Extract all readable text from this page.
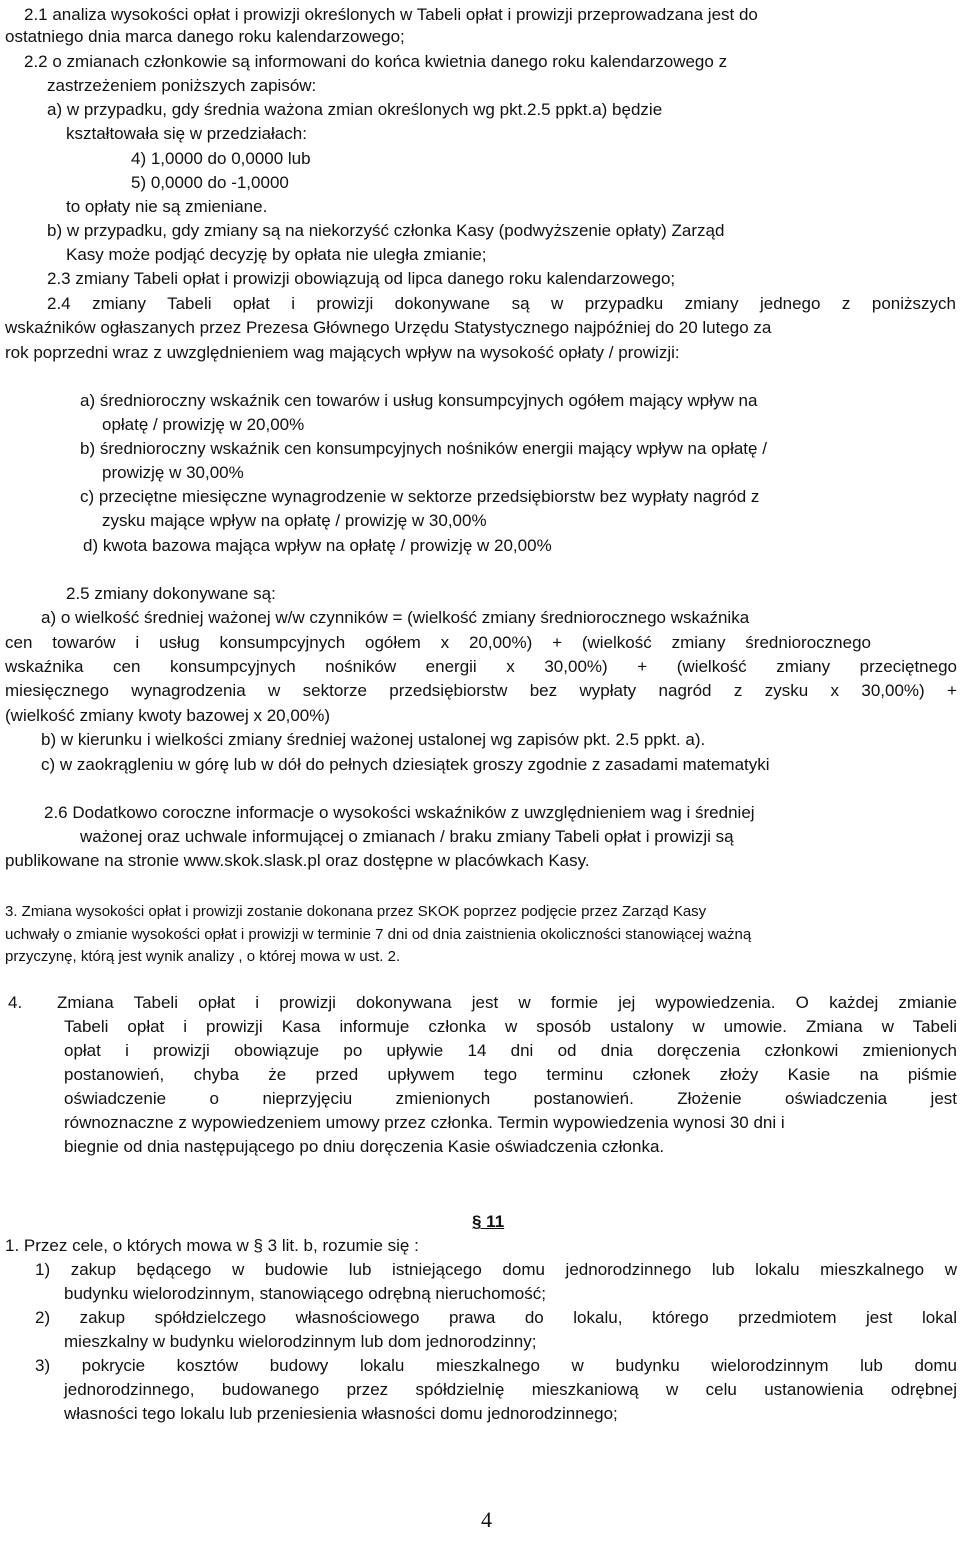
2.1 analiza wysokości opłat i prowizji określonych w Tabeli opłat i prowizji przeprowadzana jest do
ostatniego dnia marca danego roku kalendarzowego;
2.2 o zmianach członkowie są informowani do końca kwietnia danego roku kalendarzowego z
zastrzeżeniem poniższych zapisów:
a) w przypadku, gdy średnia ważona zmian określonych wg pkt.2.5 ppkt.a) będzie
kształtowała się w przedziałach:
4) 1,0000 do 0,0000 lub
5) 0,0000 do -1,0000
to opłaty nie są zmieniane.
b) w przypadku, gdy zmiany są na niekorzyść członka Kasy (podwyższenie opłaty) Zarząd
Kasy może podjąć decyzję by opłata nie uległa zmianie;
2.3 zmiany Tabeli opłat i prowizji obowiązują od lipca danego roku kalendarzowego;
2.4 zmiany Tabeli opłat i prowizji dokonywane są w przypadku zmiany jednego z poniższych
wskaźników ogłaszanych przez Prezesa Głównego Urzędu Statystycznego najpóźniej do 20 lutego za
rok poprzedni wraz z uwzględnieniem wag mających wpływ na wysokość opłaty / prowizji:
a) średnioroczny wskaźnik cen towarów i usług konsumpcyjnych ogółem mający wpływ na
opłatę / prowizję w 20,00%
b) średnioroczny wskaźnik cen konsumpcyjnych nośników energii mający wpływ na opłatę /
prowizję w 30,00%
c) przeciętne miesięczne wynagrodzenie w sektorze przedsiębiorstw bez wypłaty nagród z
zysku mające wpływ na opłatę / prowizję w 30,00%
d) kwota bazowa mająca wpływ na opłatę / prowizję w 20,00%
2.5 zmiany dokonywane są:
a) o wielkość średniej ważonej w/w czynników = (wielkość zmiany średniorocznego wskaźnika
cen towarów i usług konsumpcyjnych ogółem x 20,00%) + (wielkość zmiany średniorocznego
wskaźnika cen konsumpcyjnych nośników energii x 30,00%) + (wielkość zmiany przeciętnego
miesięcznego wynagrodzenia w sektorze przedsiębiorstw bez wypłaty nagród z zysku x 30,00%) +
(wielkość zmiany kwoty bazowej x 20,00%)
b) w kierunku i wielkości zmiany średniej ważonej ustalonej wg zapisów pkt. 2.5 ppkt. a).
c) w zaokrągleniu w górę lub w dół do pełnych dziesiątek groszy zgodnie z zasadami matematyki
2.6 Dodatkowo coroczne informacje o wysokości wskaźników z uwzględnieniem wag i średniej
ważonej oraz uchwale informującej o zmianach / braku zmiany Tabeli opłat i prowizji są
publikowane na stronie www.skok.slask.pl oraz dostępne w placówkach Kasy.
3. Zmiana wysokości opłat i prowizji zostanie dokonana przez SKOK poprzez podjęcie przez Zarząd Kasy
uchwały o zmianie wysokości opłat i prowizji w terminie 7 dni od dnia zaistnienia okoliczności stanowiącej ważną
przyczynę, którą jest wynik analizy , o której mowa w ust. 2.
4. Zmiana Tabeli opłat i prowizji dokonywana jest w formie jej wypowiedzenia. O każdej zmianie
Tabeli opłat i prowizji Kasa informuje członka w sposób ustalony w umowie. Zmiana w Tabeli
opłat i prowizji obowiązuje po upływie 14 dni od dnia doręczenia członkowi zmienionych
postanowień, chyba że przed upływem tego terminu członek złoży Kasie na piśmie
oświadczenie o nieprzyjęciu zmienionych postanowień. Złożenie oświadczenia jest
równoznaczne z wypowiedzeniem umowy przez członka. Termin wypowiedzenia wynosi 30 dni i
biegnie od dnia następującego po dniu doręczenia Kasie oświadczenia członka.
§ 11
1. Przez cele, o których mowa w § 3 lit. b, rozumie się :
1) zakup będącego w budowie lub istniejącego domu jednorodzinnego lub lokalu mieszkalnego w
budynku wielorodzinnym, stanowiącego odrębną nieruchomość;
2) zakup spółdzielczego własnościowego prawa do lokalu, którego przedmiotem jest lokal
mieszkalny w budynku wielorodzinnym lub dom jednorodzinny;
3) pokrycie kosztów budowy lokalu mieszkalnego w budynku wielorodzinnym lub domu
jednorodzinnego, budowanego przez spółdzielnię mieszkaniową w celu ustanowienia odrębnej
własności tego lokalu lub przeniesienia własności domu jednorodzinnego;
4
